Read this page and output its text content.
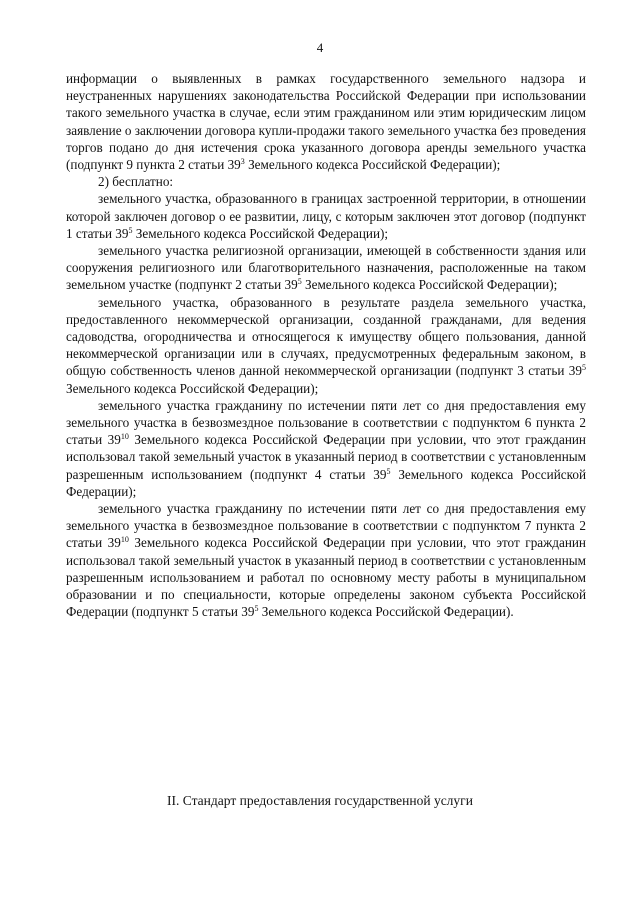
4

информации о выявленных в рамках государственного земельного надзора и неустраненных нарушениях законодательства Российской Федерации при использовании такого земельного участка в случае, если этим гражданином или этим юридическим лицом заявление о заключении договора купли-продажи такого земельного участка без проведения торгов подано до дня истечения срока указанного договора аренды земельного участка (подпункт 9 пункта 2 статьи $39^3$ Земельного кодекса Российской Федерации);

2) бесплатно:

земельного участка, образованного в границах застроенной территории, в отношении которой заключен договор о ее развитии, лицу, с которым заключен этот договор (подпункт 1 статьи $39^5$ Земельного кодекса Российской Федерации);

земельного участка религиозной организации, имеющей в собственности здания или сооружения религиозного или благотворительного назначения, расположенные на таком земельном участке (подпункт 2 статьи $39^5$ Земельного кодекса Российской Федерации);

земельного участка, образованного в результате раздела земельного участка, предоставленного некоммерческой организации, созданной гражданами, для ведения садоводства, огородничества и относящегося к имуществу общего пользования, данной некоммерческой организации или в случаях, предусмотренных федеральным законом, в общую собственность членов данной некоммерческой организации (подпункт 3 статьи $39^5$ Земельного кодекса Российской Федерации);

земельного участка гражданину по истечении пяти лет со дня предоставления ему земельного участка в безвозмездное пользование в соответствии с подпунктом 6 пункта 2 статьи $39^{10}$ Земельного кодекса Российской Федерации при условии, что этот гражданин использовал такой земельный участок в указанный период в соответствии с установленным разрешенным использованием (подпункт 4 статьи $39^5$ Земельного кодекса Российской Федерации);

земельного участка гражданину по истечении пяти лет со дня предоставления ему земельного участка в безвозмездное пользование в соответствии с подпунктом 7 пункта 2 статьи $39^{10}$ Земельного кодекса Российской Федерации при условии, что этот гражданин использовал такой земельный участок в указанный период в соответствии с установленным разрешенным использованием и работал по основному месту работы в муниципальном образовании и по специальности, которые определены законом субъекта Российской Федерации (подпункт 5 статьи $39^5$ Земельного кодекса Российской Федерации).

II. Стандарт предоставления государственной услуги
